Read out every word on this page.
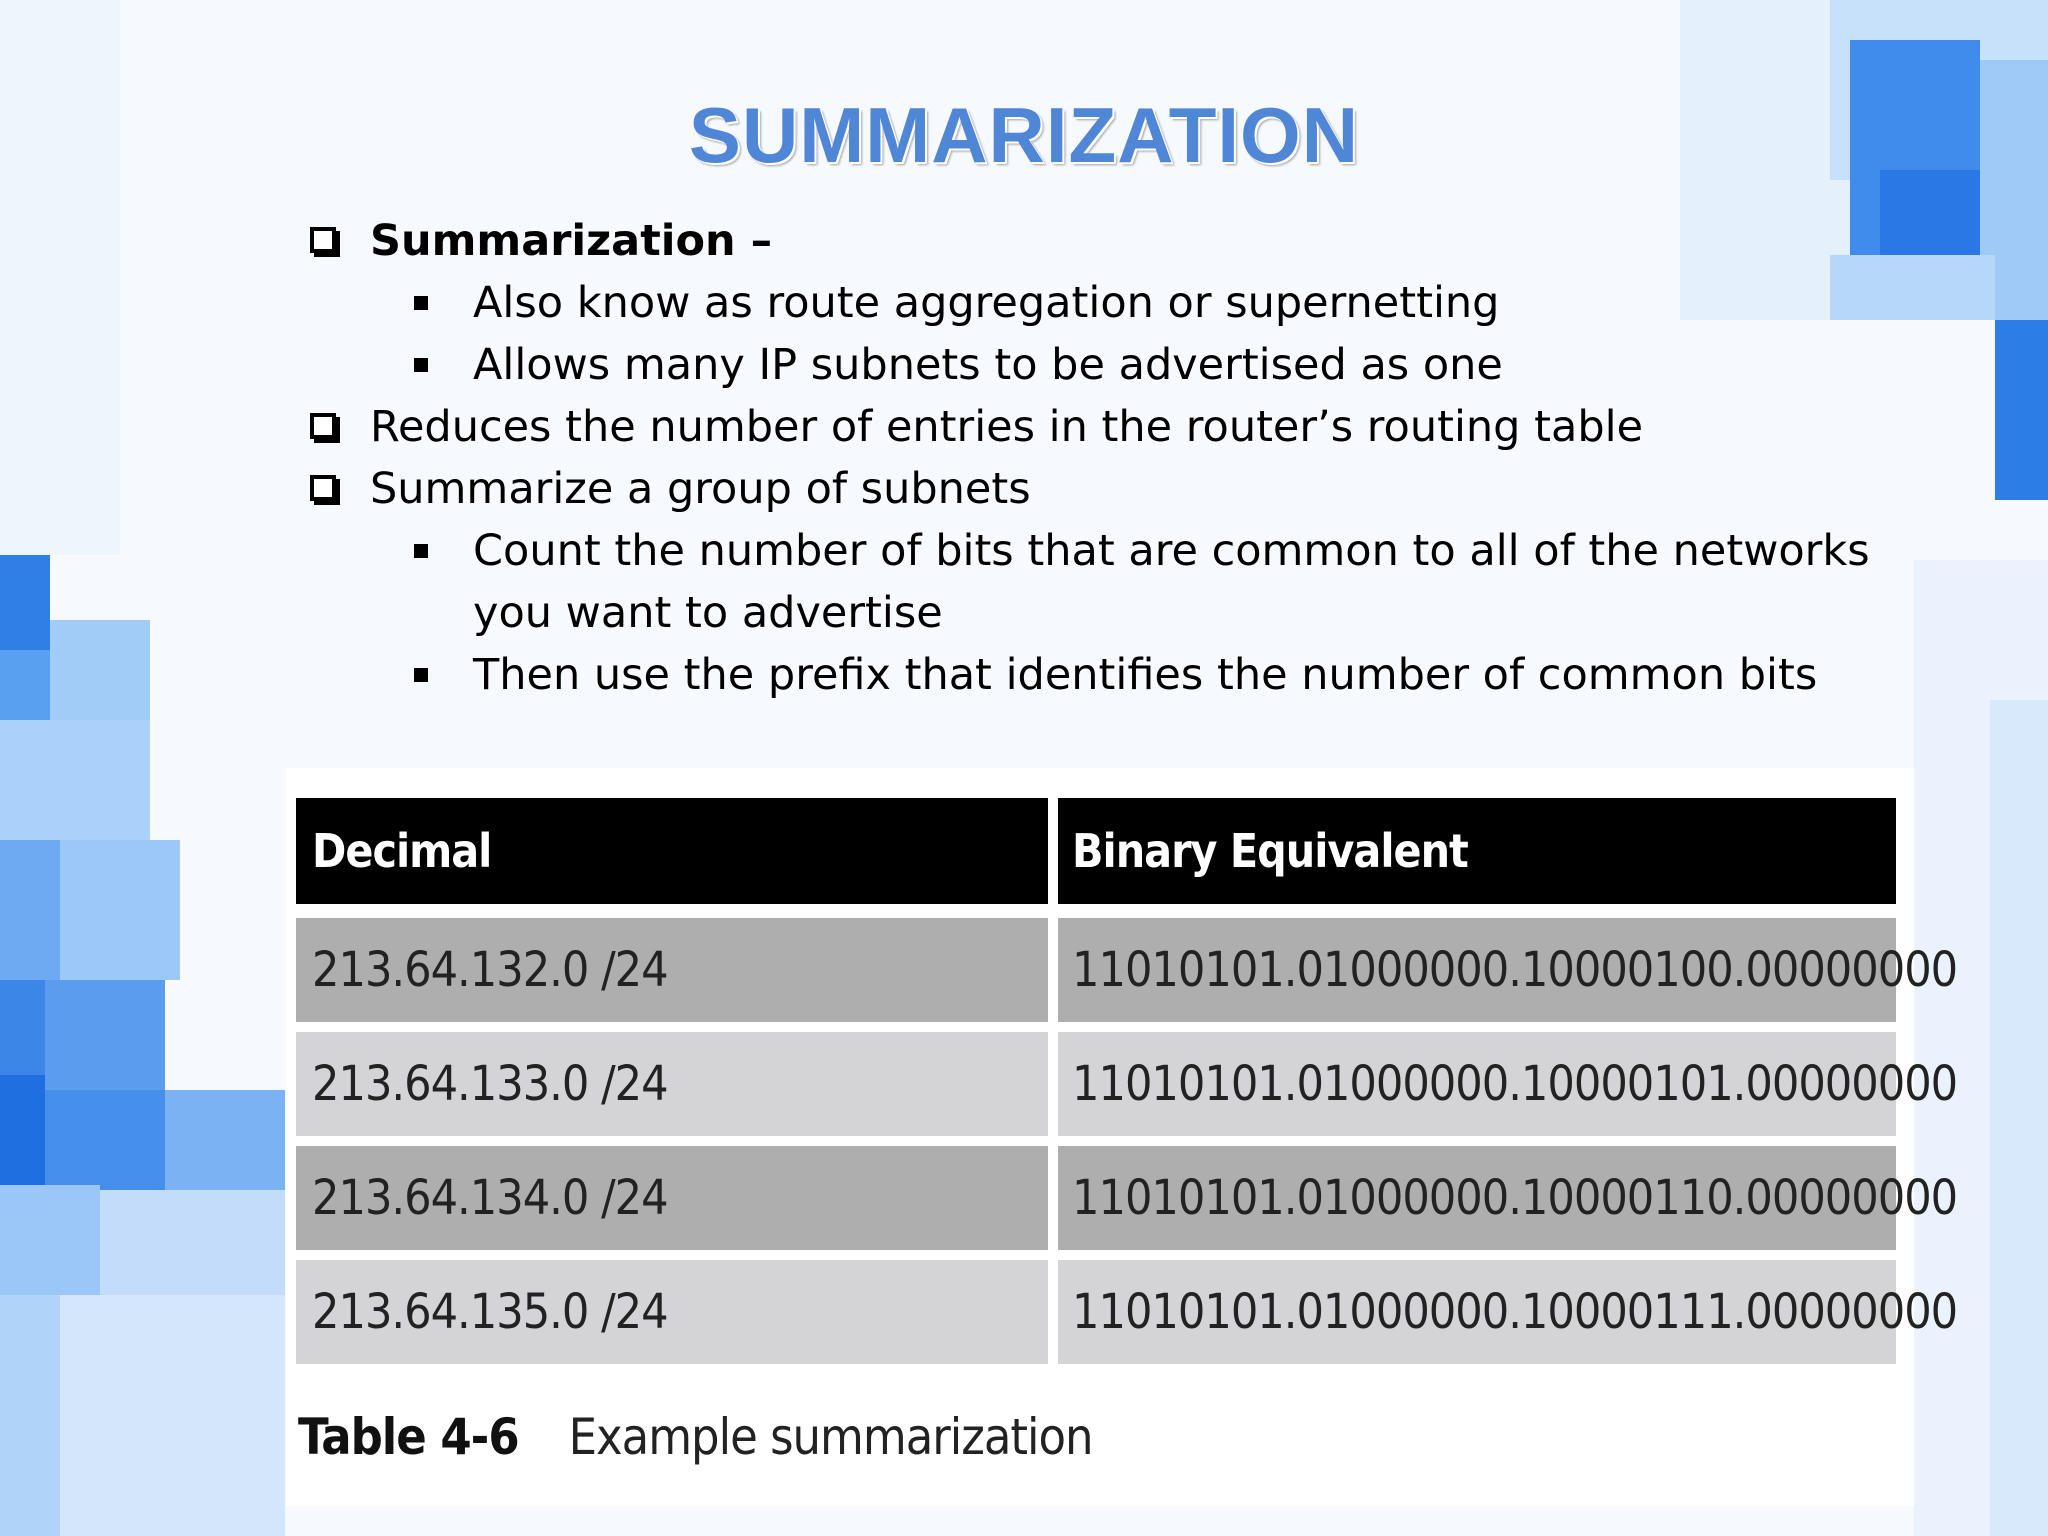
SUMMARIZATION
Summarization –
Also know as route aggregation or supernetting
Allows many IP subnets to be advertised as one
Reduces the number of entries in the router’s routing table
Summarize a group of subnets
Count the number of bits that are common to all of the networks you want to advertise
Then use the prefix that identifies the number of common bits
Decimal	Binary Equivalent
213.64.132.0 /24	11010101.01000000.10000100.00000000
213.64.133.0 /24	11010101.01000000.10000101.00000000
213.64.134.0 /24	11010101.01000000.10000110.00000000
213.64.135.0 /24	11010101.01000000.10000111.00000000
Table 4-6 Example summarization
